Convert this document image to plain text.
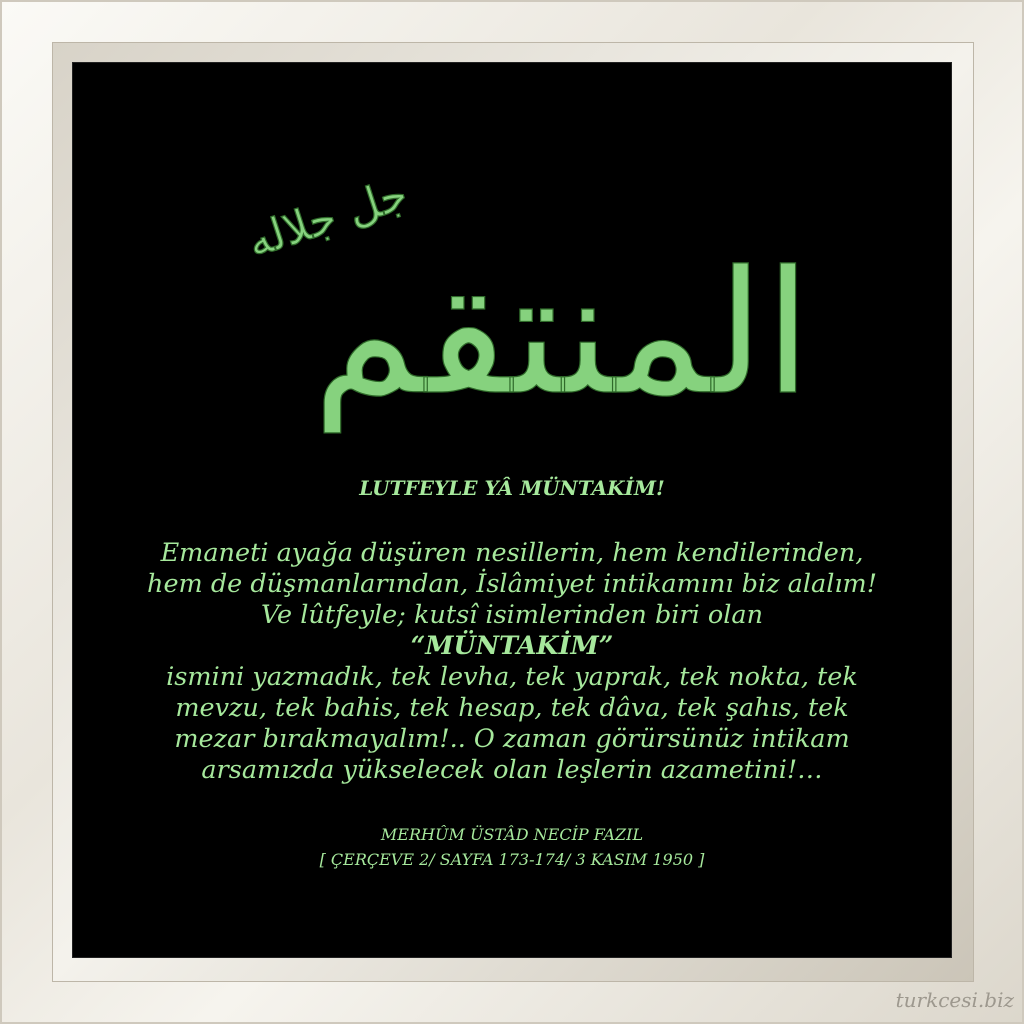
المنتقم
جل جلاله

LUTFEYLE YÂ MÜNTAKİM!

Emaneti ayağa düşüren nesillerin, hem kendilerinden,
hem de düşmanlarından, İslâmiyet intikamını biz alalım!
Ve lûtfeyle; kutsî isimlerinden biri olan
“MÜNTAKİM”
ismini yazmadık, tek levha, tek yaprak, tek nokta, tek
mevzu, tek bahis, tek hesap, tek dâva, tek şahıs, tek
mezar bırakmayalım!.. O zaman görürsünüz intikam
arsamızda yükselecek olan leşlerin azametini!…
MERHÛM ÜSTÂD NECİP FAZIL
[ ÇERÇEVE 2/ SAYFA 173-174/ 3 KASIM 1950 ]
turkcesi.biz
